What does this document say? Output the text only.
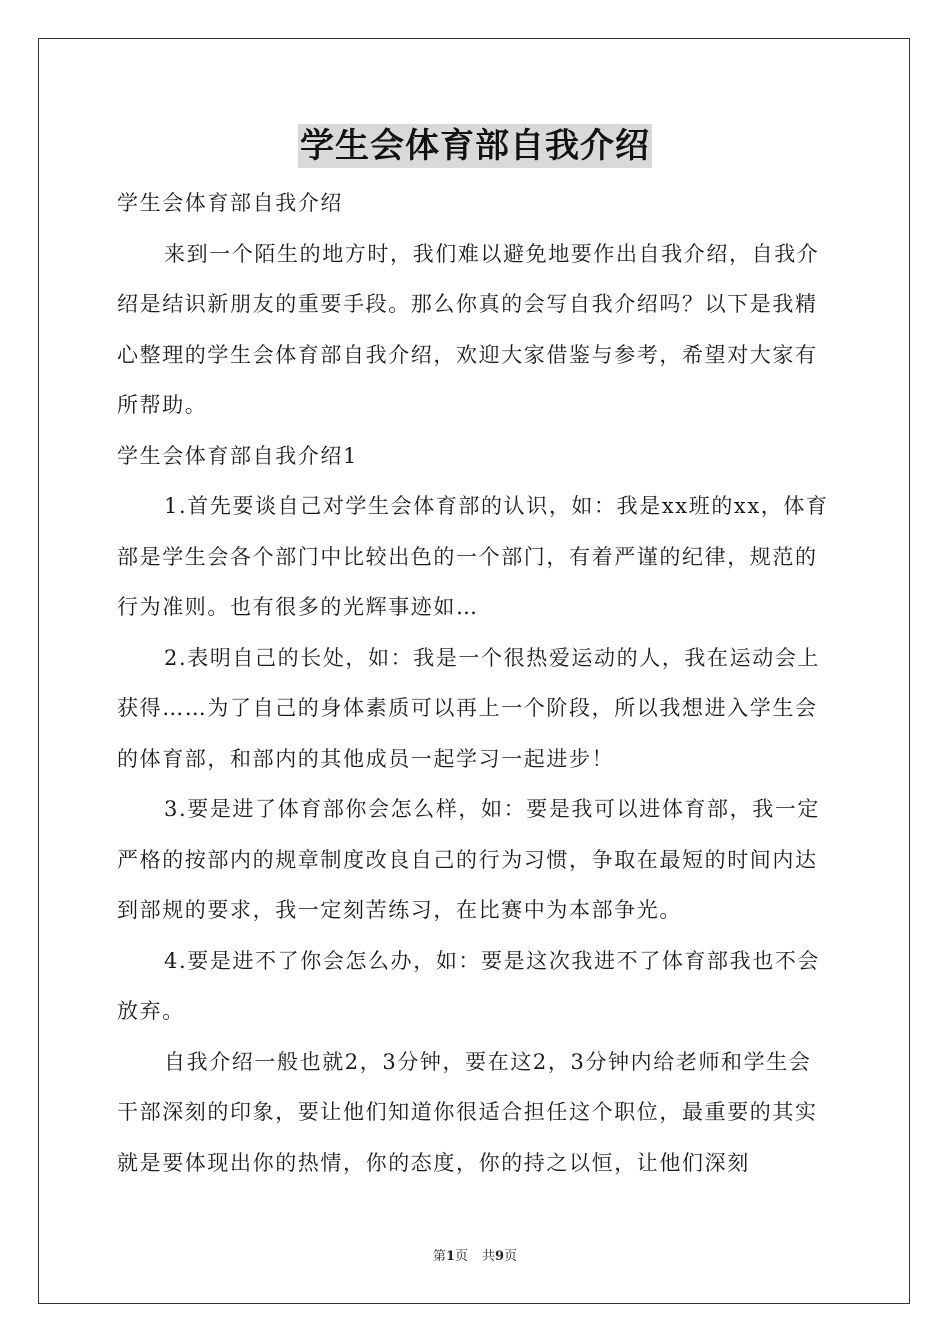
学生会体育部自我介绍

学生会体育部自我介绍

来到一个陌生的地方时，我们难以避免地要作出自我介绍，自我介绍是结识新朋友的重要手段。那么你真的会写自我介绍吗？以下是我精心整理的学生会体育部自我介绍，欢迎大家借鉴与参考，希望对大家有所帮助。

学生会体育部自我介绍1

1.首先要谈自己对学生会体育部的认识，如：我是xx班的xx，体育部是学生会各个部门中比较出色的一个部门，有着严谨的纪律，规范的行为准则。也有很多的光辉事迹如…

2.表明自己的长处，如：我是一个很热爱运动的人，我在运动会上获得……为了自己的身体素质可以再上一个阶段，所以我想进入学生会的体育部，和部内的其他成员一起学习一起进步！

3.要是进了体育部你会怎么样，如：要是我可以进体育部，我一定严格的按部内的规章制度改良自己的行为习惯，争取在最短的时间内达到部规的要求，我一定刻苦练习，在比赛中为本部争光。

4.要是进不了你会怎么办，如：要是这次我进不了体育部我也不会放弃。

自我介绍一般也就2，3分钟，要在这2，3分钟内给老师和学生会干部深刻的印象，要让他们知道你很适合担任这个职位，最重要的其实就是要体现出你的热情，你的态度，你的持之以恒，让他们深刻

第1页 共9页
